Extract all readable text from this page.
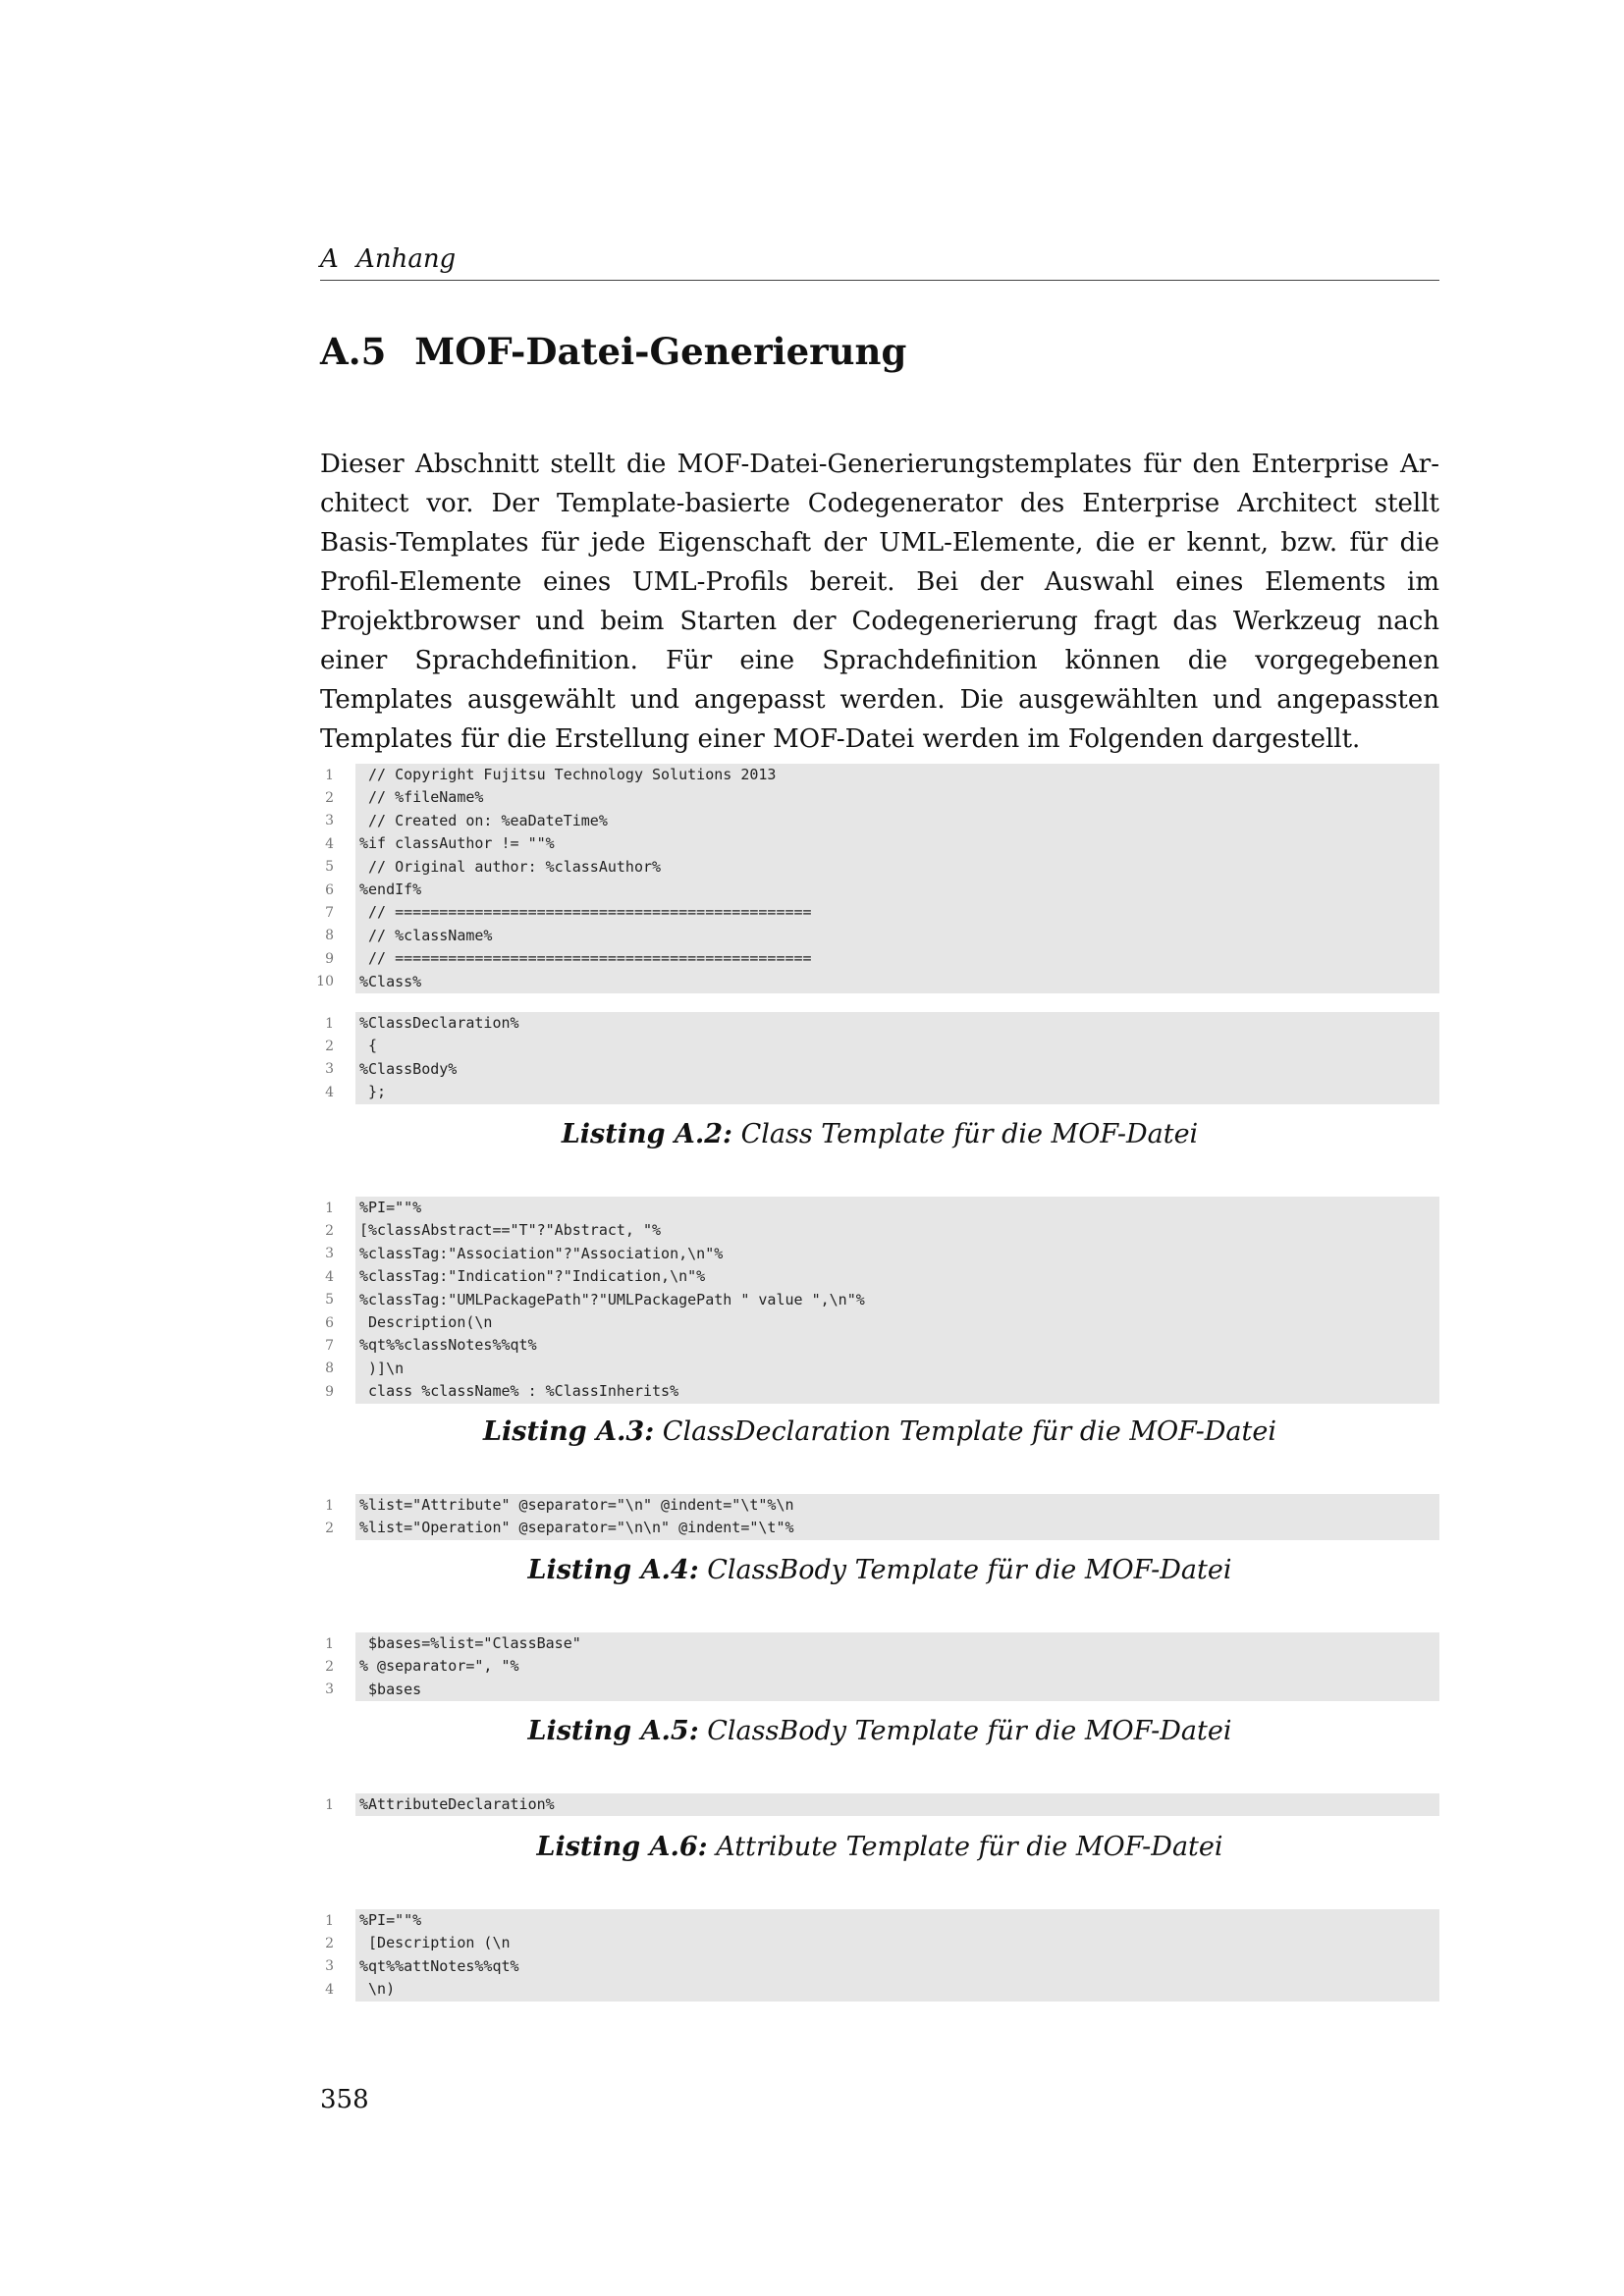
A Anhang
A.5 MOF-Datei-Generierung

Dieser Abschnitt stellt die MOF-Datei-Generierungstemplates für den Enterprise Architect vor. Der Template-basierte Codegenerator des Enterprise Architect stellt Basis-Templates für jede Eigenschaft der UML-Elemente, die er kennt, bzw. für die Profil-Elemente eines UML-Profils bereit. Bei der Auswahl eines Elements im Projektbrowser und beim Starten der Codegenerierung fragt das Werkzeug nach einer Sprachdefinition. Für eine Sprachdefinition können die vorgegebenen Templates ausgewählt und angepasst werden. Die ausgewählten und angepassten Templates für die Erstellung einer MOF-Datei werden im Folgenden dargestellt.

1 // Copyright Fujitsu Technology Solutions 2013
2 // %fileName%
3 // Created on: %eaDateTime%
4 %if classAuthor != ""%
5 // Original author: %classAuthor%
6 %endIf%
7 // ===============================================
8 // %className%
9 // ===============================================
10 %Class%
1 %ClassDeclaration%
2 {
3 %ClassBody%
4 };
Listing A.2: Class Template für die MOF-Datei
1 %PI=""%
2 [%classAbstract=="T"?"Abstract, "%
3 %classTag:"Association"?"Association,\n"%
4 %classTag:"Indication"?"Indication,\n"%
5 %classTag:"UMLPackagePath"?"UMLPackagePath " value ",\n"%
6 Description(\n
7 %qt%%classNotes%%qt%
8 )]\n
9 class %className% : %ClassInherits%
Listing A.3: ClassDeclaration Template für die MOF-Datei
1 %list="Attribute" @separator="\n" @indent="\t"%\n
2 %list="Operation" @separator="\n\n" @indent="\t"%
Listing A.4: ClassBody Template für die MOF-Datei
1 $bases=%list="ClassBase"
2 % @separator=", "%
3 $bases
Listing A.5: ClassBody Template für die MOF-Datei
1 %AttributeDeclaration%
Listing A.6: Attribute Template für die MOF-Datei
1 %PI=""%
2 [Description (\n
3 %qt%%attNotes%%qt%
4 \n)
358
